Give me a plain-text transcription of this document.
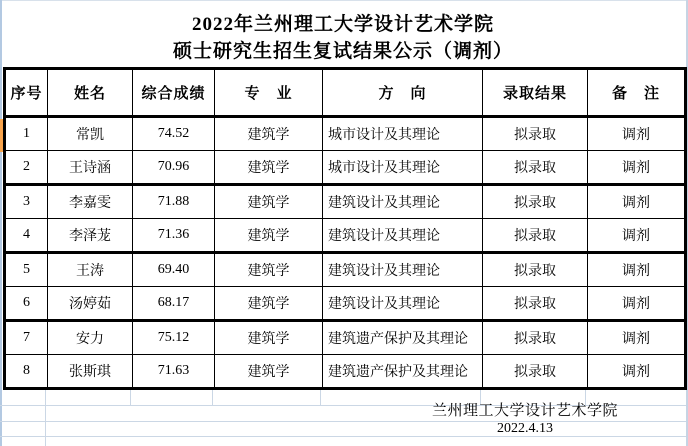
2022年兰州理工大学设计艺术学院
硕士研究生招生复试结果公示（调剂）
序号	姓名	综合成绩	专　业	方　向	录取结果	备　注
1	常凯	74.52	建筑学	城市设计及其理论	拟录取	调剂
2	王诗涵	70.96	建筑学	城市设计及其理论	拟录取	调剂
3	李嘉雯	71.88	建筑学	建筑设计及其理论	拟录取	调剂
4	李泽茏	71.36	建筑学	建筑设计及其理论	拟录取	调剂
5	王涛	69.40	建筑学	建筑设计及其理论	拟录取	调剂
6	汤婷茹	68.17	建筑学	建筑设计及其理论	拟录取	调剂
7	安力	75.12	建筑学	建筑遗产保护及其理论	拟录取	调剂
8	张斯琪	71.63	建筑学	建筑遗产保护及其理论	拟录取	调剂
兰州理工大学设计艺术学院
2022.4.13
